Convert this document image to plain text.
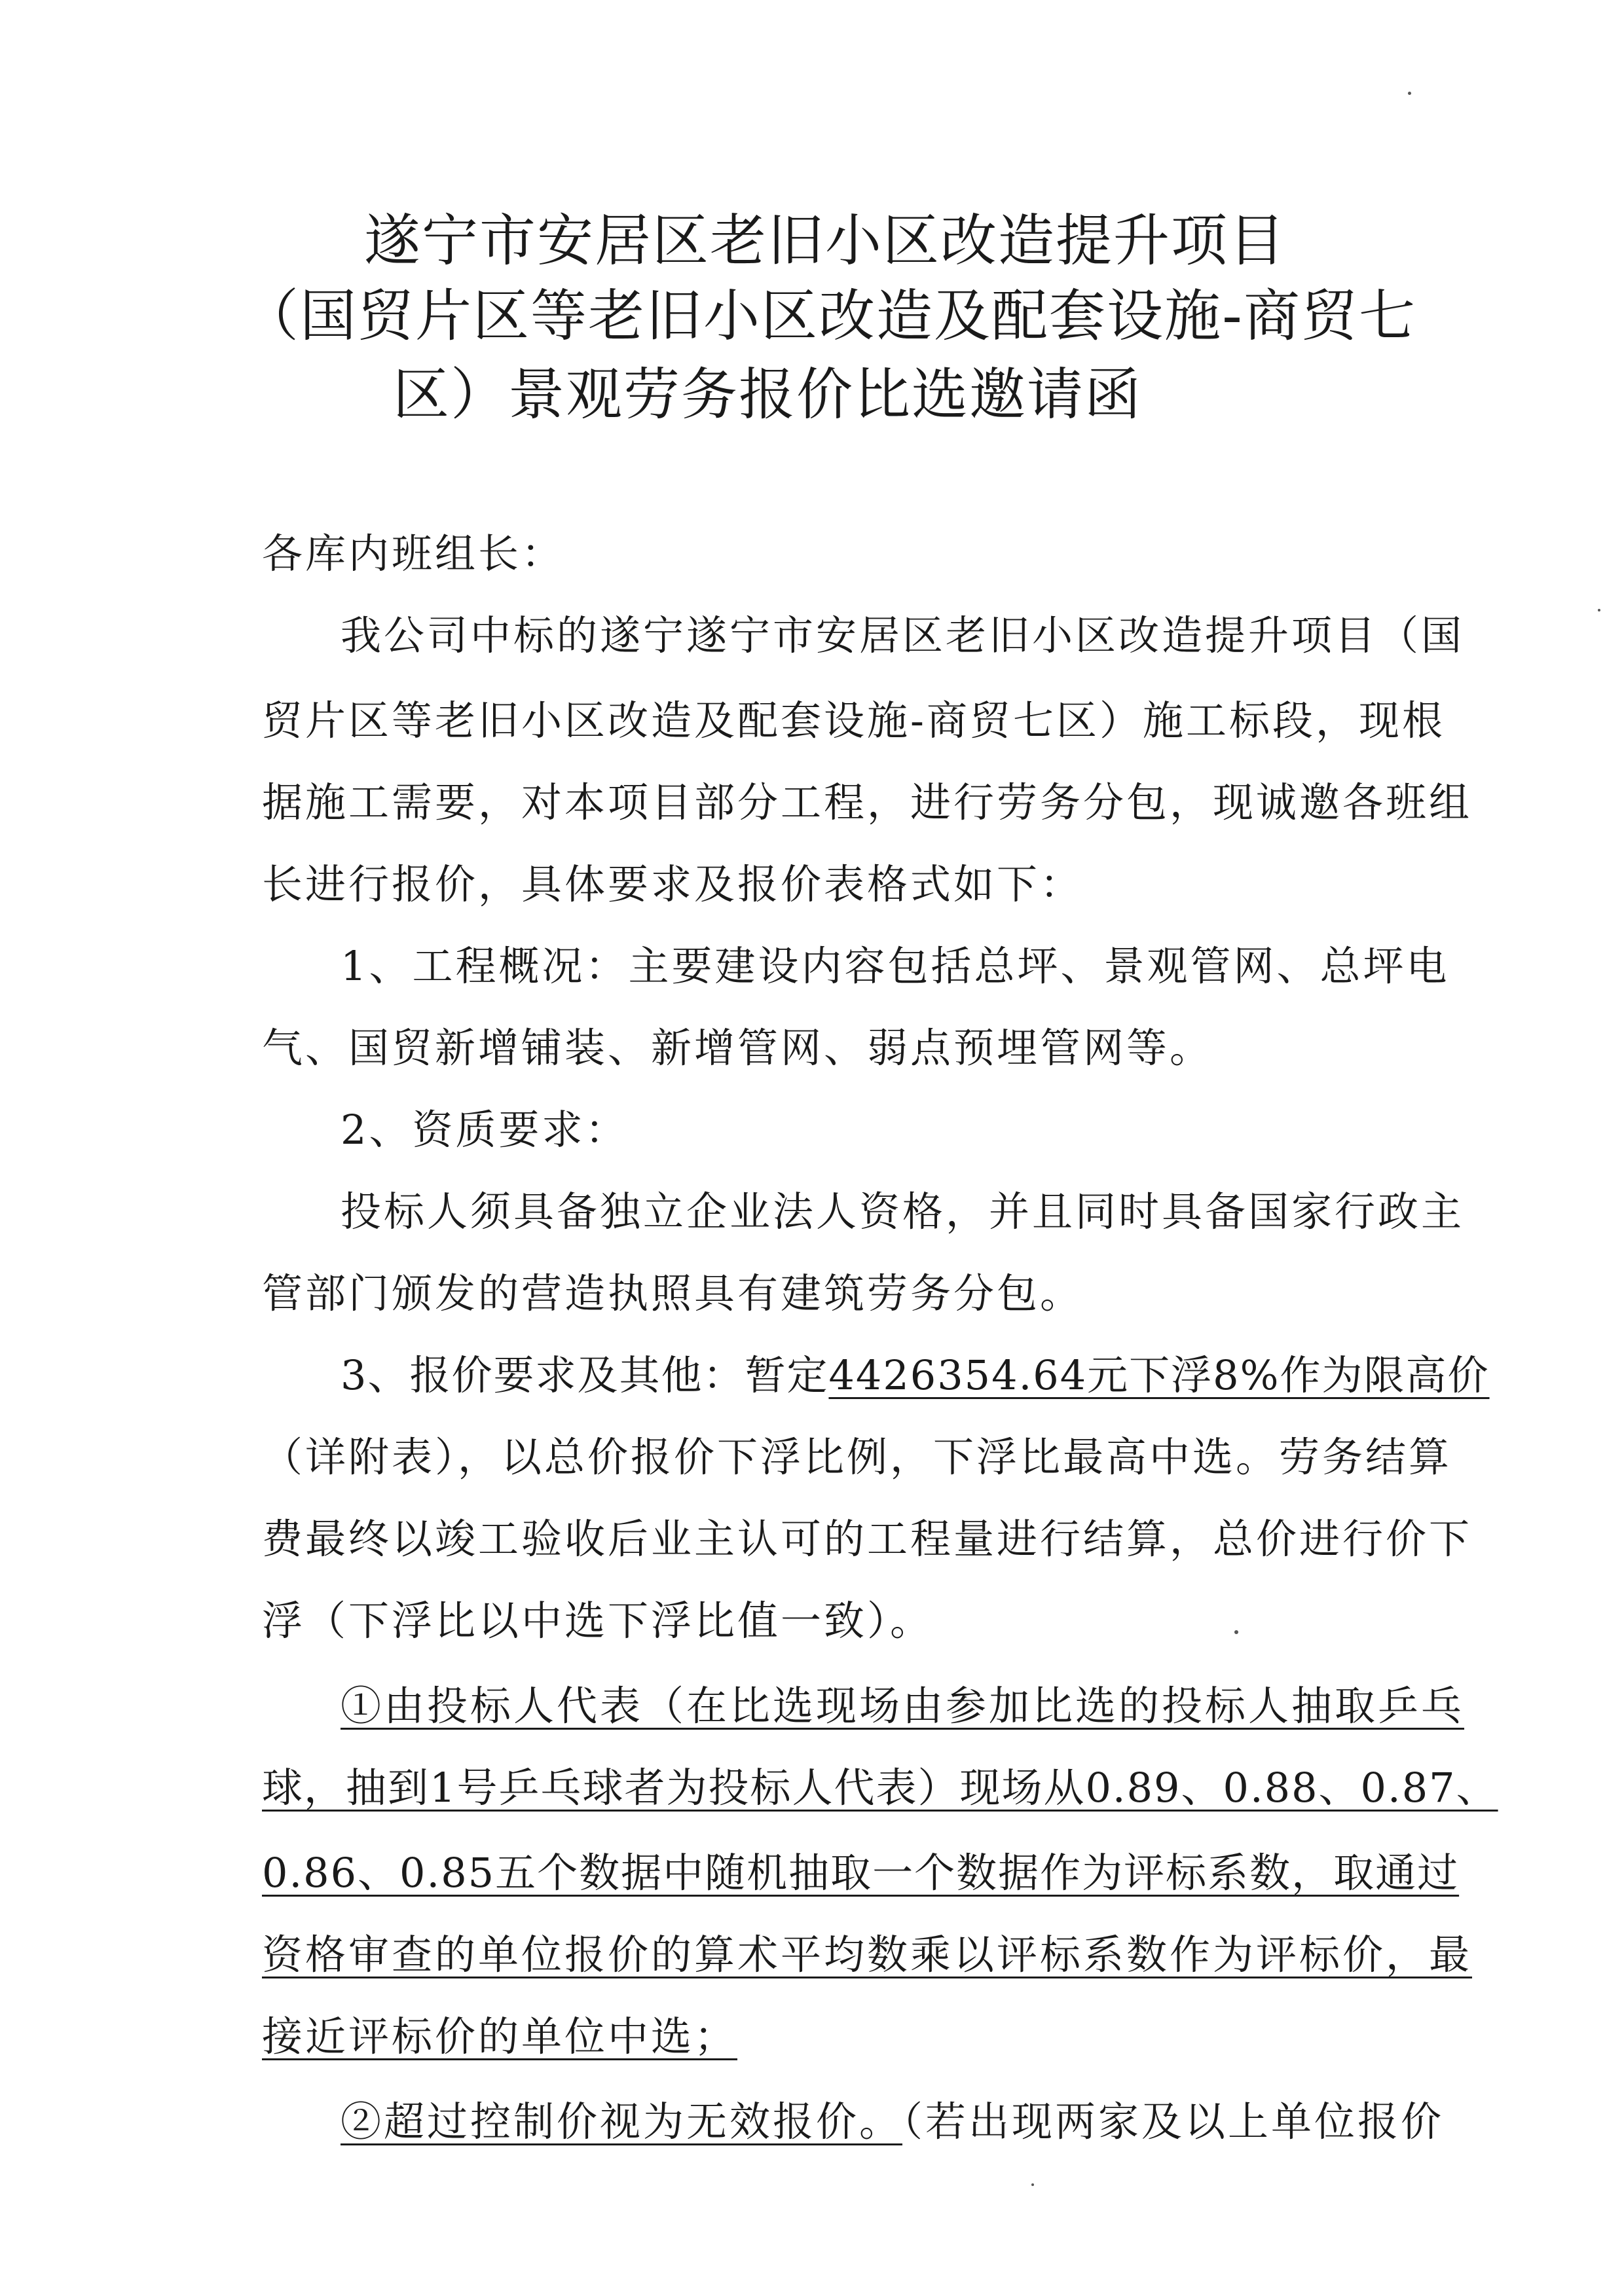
遂宁市安居区老旧小区改造提升项目
（国贸片区等老旧小区改造及配套设施-商贸七
区）景观劳务报价比选邀请函
各库内班组长：
我公司中标的遂宁遂宁市安居区老旧小区改造提升项目（国
贸片区等老旧小区改造及配套设施-商贸七区）施工标段，现根
据施工需要，对本项目部分工程，进行劳务分包，现诚邀各班组
长进行报价，具体要求及报价表格式如下：
1、工程概况：主要建设内容包括总坪、景观管网、总坪电
气、国贸新增铺装、新增管网、弱点预埋管网等。
2、资质要求：
投标人须具备独立企业法人资格，并且同时具备国家行政主
管部门颁发的营造执照具有建筑劳务分包。
3、报价要求及其他：暂定4426354.64元下浮8%作为限高价
（详附表），以总价报价下浮比例，下浮比最高中选。劳务结算
费最终以竣工验收后业主认可的工程量进行结算，总价进行价下
浮（下浮比以中选下浮比值一致）。
①由投标人代表（在比选现场由参加比选的投标人抽取乒乓
球，抽到1号乒乓球者为投标人代表）现场从0.89、0.88、0.87、
0.86、0.85五个数据中随机抽取一个数据作为评标系数，取通过
资格审查的单位报价的算术平均数乘以评标系数作为评标价，最
接近评标价的单位中选；
②超过控制价视为无效报价。（若出现两家及以上单位报价
